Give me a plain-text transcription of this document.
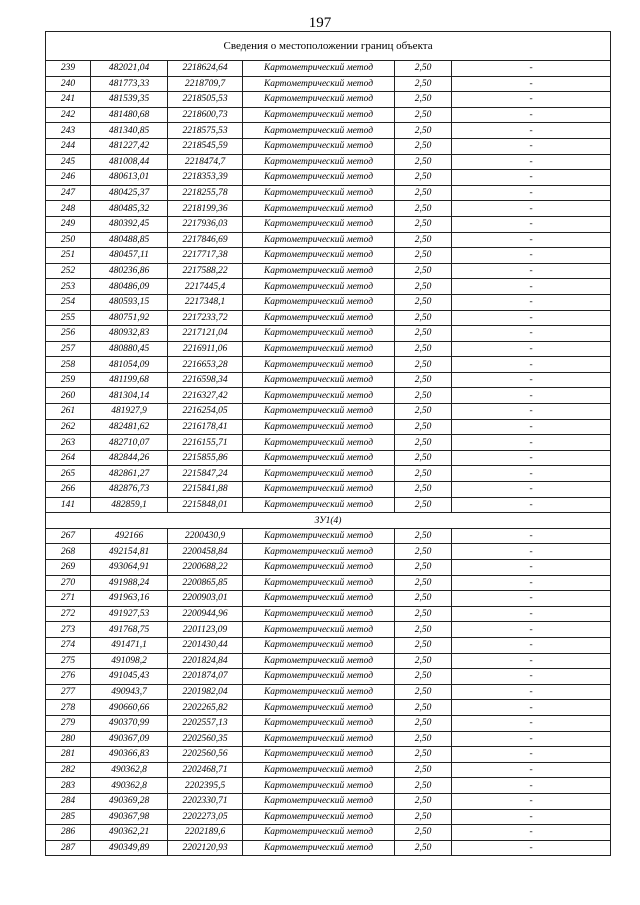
197
Сведения о местоположении границ объекта					
239	482021,04	2218624,64	Картометрический метод	2,50	-
240	481773,33	2218709,7	Картометрический метод	2,50	-
241	481539,35	2218505,53	Картометрический метод	2,50	-
242	481480,68	2218600,73	Картометрический метод	2,50	-
243	481340,85	2218575,53	Картометрический метод	2,50	-
244	481227,42	2218545,59	Картометрический метод	2,50	-
245	481008,44	2218474,7	Картометрический метод	2,50	-
246	480613,01	2218353,39	Картометрический метод	2,50	-
247	480425,37	2218255,78	Картометрический метод	2,50	-
248	480485,32	2218199,36	Картометрический метод	2,50	-
249	480392,45	2217936,03	Картометрический метод	2,50	-
250	480488,85	2217846,69	Картометрический метод	2,50	-
251	480457,11	2217717,38	Картометрический метод	2,50	-
252	480236,86	2217588,22	Картометрический метод	2,50	-
253	480486,09	2217445,4	Картометрический метод	2,50	-
254	480593,15	2217348,1	Картометрический метод	2,50	-
255	480751,92	2217233,72	Картометрический метод	2,50	-
256	480932,83	2217121,04	Картометрический метод	2,50	-
257	480880,45	2216911,06	Картометрический метод	2,50	-
258	481054,09	2216653,28	Картометрический метод	2,50	-
259	481199,68	2216598,34	Картометрический метод	2,50	-
260	481304,14	2216327,42	Картометрический метод	2,50	-
261	481927,9	2216254,05	Картометрический метод	2,50	-
262	482481,62	2216178,41	Картометрический метод	2,50	-
263	482710,07	2216155,71	Картометрический метод	2,50	-
264	482844,26	2215855,86	Картометрический метод	2,50	-
265	482861,27	2215847,24	Картометрический метод	2,50	-
266	482876,73	2215841,88	Картометрический метод	2,50	-
141	482859,1	2215848,01	Картометрический метод	2,50	-
ЗУ1(4)					
267	492166	2200430,9	Картометрический метод	2,50	-
268	492154,81	2200458,84	Картометрический метод	2,50	-
269	493064,91	2200688,22	Картометрический метод	2,50	-
270	491988,24	2200865,85	Картометрический метод	2,50	-
271	491963,16	2200903,01	Картометрический метод	2,50	-
272	491927,53	2200944,96	Картометрический метод	2,50	-
273	491768,75	2201123,09	Картометрический метод	2,50	-
274	491471,1	2201430,44	Картометрический метод	2,50	-
275	491098,2	2201824,84	Картометрический метод	2,50	-
276	491045,43	2201874,07	Картометрический метод	2,50	-
277	490943,7	2201982,04	Картометрический метод	2,50	-
278	490660,66	2202265,82	Картометрический метод	2,50	-
279	490370,99	2202557,13	Картометрический метод	2,50	-
280	490367,09	2202560,35	Картометрический метод	2,50	-
281	490366,83	2202560,56	Картометрический метод	2,50	-
282	490362,8	2202468,71	Картометрический метод	2,50	-
283	490362,8	2202395,5	Картометрический метод	2,50	-
284	490369,28	2202330,71	Картометрический метод	2,50	-
285	490367,98	2202273,05	Картометрический метод	2,50	-
286	490362,21	2202189,6	Картометрический метод	2,50	-
287	490349,89	2202120,93	Картометрический метод	2,50	-
